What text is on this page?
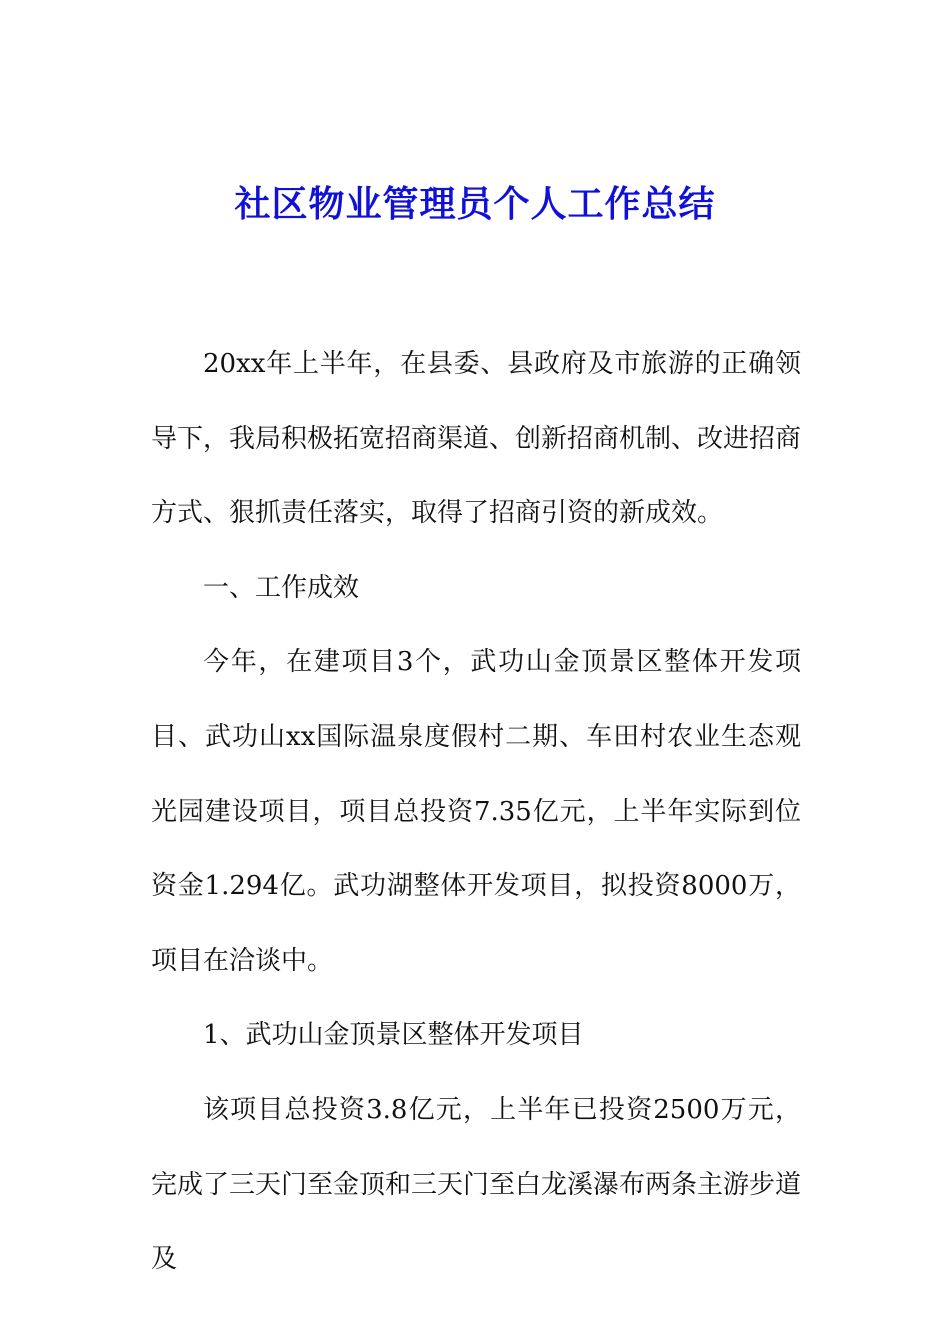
社区物业管理员个人工作总结

20xx年上半年，在县委、县政府及市旅游的正确领导下，我局积极拓宽招商渠道、创新招商机制、改进招商方式、狠抓责任落实，取得了招商引资的新成效。

一、工作成效

今年，在建项目3个，武功山金顶景区整体开发项目、武功山xx国际温泉度假村二期、车田村农业生态观光园建设项目，项目总投资7.35亿元，上半年实际到位资金1.294亿。武功湖整体开发项目，拟投资8000万，项目在洽谈中。

1、武功山金顶景区整体开发项目

该项目总投资3.8亿元，上半年已投资2500万元，完成了三天门至金顶和三天门至白龙溪瀑布两条主游步道及
